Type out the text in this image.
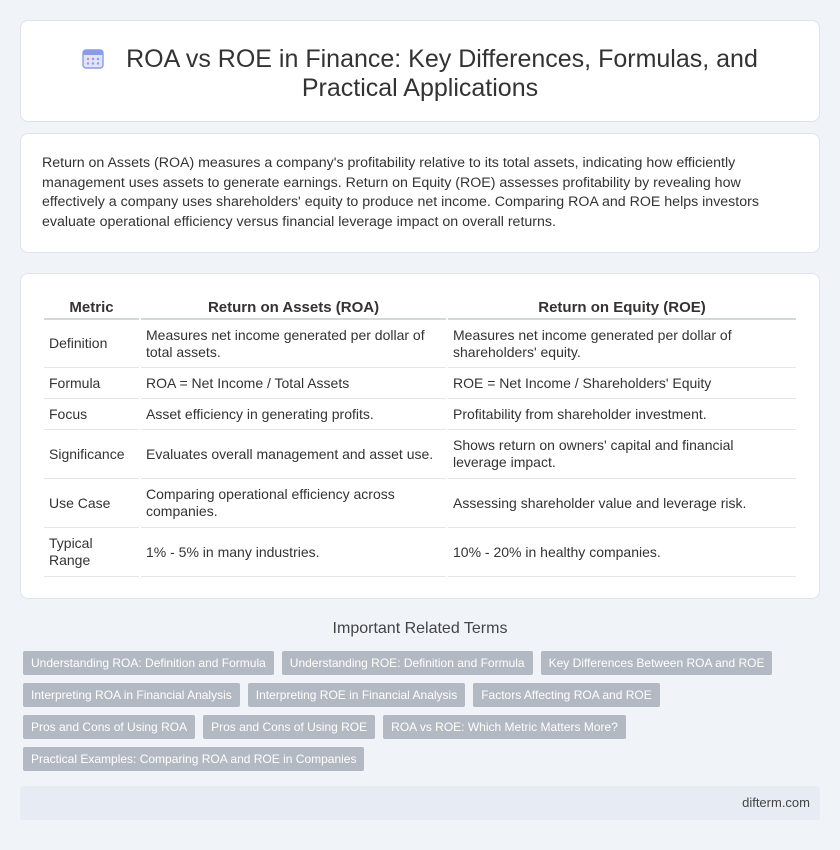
ROA vs ROE in Finance: Key Differences, Formulas, and Practical Applications

Return on Assets (ROA) measures a company's profitability relative to its total assets, indicating how efficiently management uses assets to generate earnings. Return on Equity (ROE) assesses profitability by revealing how effectively a company uses shareholders' equity to produce net income. Comparing ROA and ROE helps investors evaluate operational efficiency versus financial leverage impact on overall returns.

Metric	Return on Assets (ROA)	Return on Equity (ROE)
Definition	Measures net income generated per dollar of total assets.	Measures net income generated per dollar of shareholders' equity.
Formula	ROA = Net Income / Total Assets	ROE = Net Income / Shareholders' Equity
Focus	Asset efficiency in generating profits.	Profitability from shareholder investment.
Significance	Evaluates overall management and asset use.	Shows return on owners' capital and financial leverage impact.
Use Case	Comparing operational efficiency across companies.	Assessing shareholder value and leverage risk.
Typical Range	1% - 5% in many industries.	10% - 20% in healthy companies.
Important Related Terms
Understanding ROA: Definition and Formula	Understanding ROE: Definition and Formula	Key Differences Between ROA and ROE
Interpreting ROA in Financial Analysis	Interpreting ROE in Financial Analysis	Factors Affecting ROA and ROE
Pros and Cons of Using ROA	Pros and Cons of Using ROE	ROA vs ROE: Which Metric Matters More?
Practical Examples: Comparing ROA and ROE in Companies
difterm.com
